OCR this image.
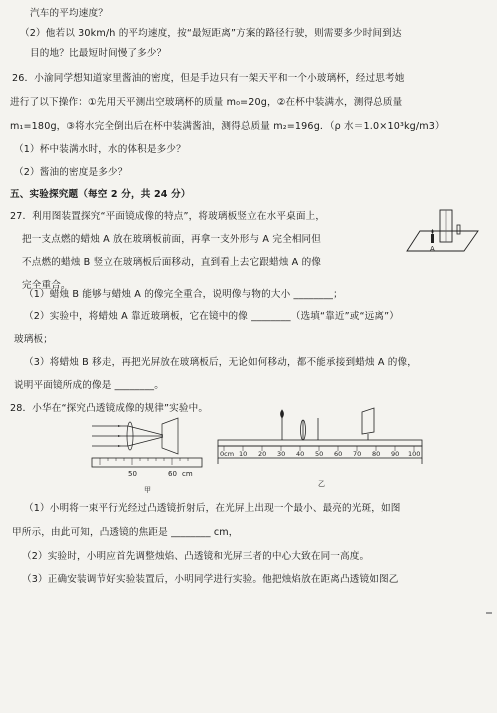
汽车的平均速度？
（2）他若以 30km/h 的平均速度，按“最短距离”方案的路径行驶，则需要多少时间到达
目的地？比最短时间慢了多少？
26．小渝同学想知道家里酱油的密度，但是手边只有一架天平和一个小玻璃杯，经过思考她
进行了以下操作：①先用天平测出空玻璃杯的质量 m₀=20g，②在杯中装满水，测得总质量
m₁=180g，③将水完全倒出后在杯中装满酱油，测得总质量 m₂=196g．（ρ 水＝1.0×10³kg/m3）
（1）杯中装满水时，水的体积是多少？
（2）酱油的密度是多少？
五、实验探究题（每空 2 分，共 24 分）
27．利用图装置探究“平面镜成像的特点”，将玻璃板竖立在水平桌面上，
把一支点燃的蜡烛 A 放在玻璃板前面，再拿一支外形与 A 完全相同但
不点燃的蜡烛 B 竖立在玻璃板后面移动，直到看上去它跟蜡烛 A 的像
完全重合。
A
（1）蜡烛 B 能够与蜡烛 A 的像完全重合，说明像与物的大小 ________；
（2）实验中，将蜡烛 A 靠近玻璃板，它在镜中的像 ________（选填“靠近”或“远离”）
玻璃板；
（3）将蜡烛 B 移走，再把光屏放在玻璃板后，无论如何移动，都不能承接到蜡烛 A 的像，
说明平面镜所成的像是 ________。
28．小华在“探究凸透镜成像的规律”实验中。
50	60 cm
甲
0cm 10 20 30 40 50 60 70 80 90 100
乙
（1）小明将一束平行光经过凸透镜折射后，在光屏上出现一个最小、最亮的光斑，如图
甲所示，由此可知，凸透镜的焦距是 ________ cm，
（2）实验时，小明应首先调整烛焰、凸透镜和光屏三者的中心大致在同一高度。
（3）正确安装调节好实验装置后，小明同学进行实验。他把烛焰放在距离凸透镜如图乙
